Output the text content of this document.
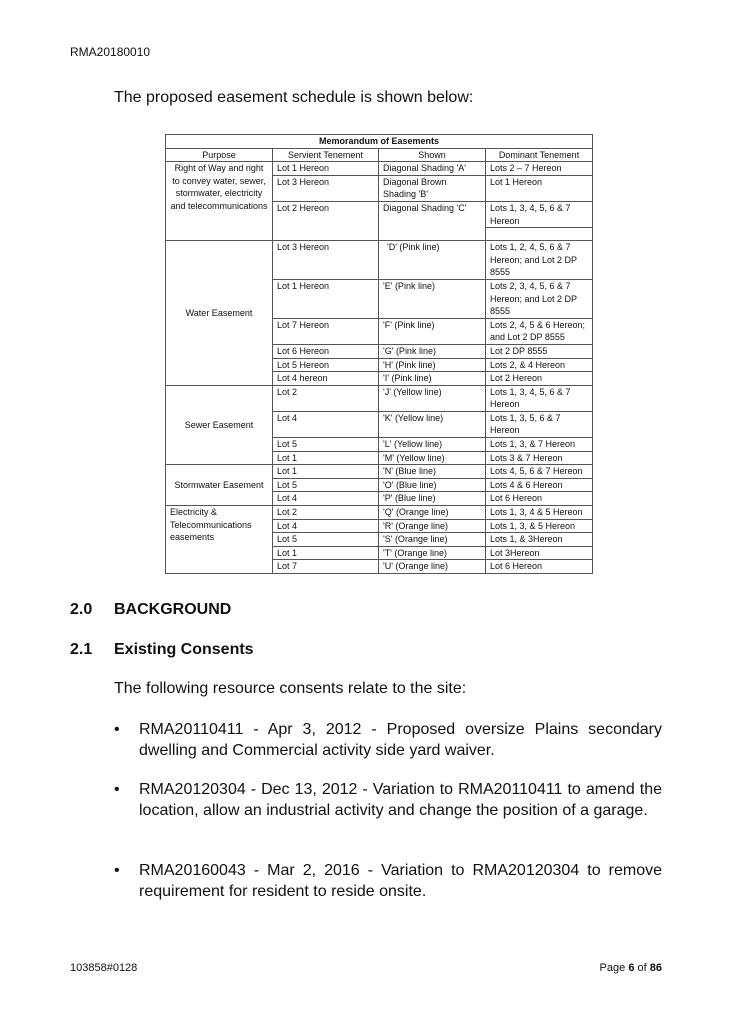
RMA20180010
The proposed easement schedule is shown below:
Memorandum of Easements			
Purpose	Servient Tenement	Shown	Dominant Tenement
Right of Way and right to convey water, sewer, stormwater, electricity and telecommunications	Lot 1 Hereon	Diagonal Shading 'A'	Lots 2 – 7 Hereon
	Lot 3 Hereon	Diagonal Brown Shading 'B'	Lot 1 Hereon
	Lot 2 Hereon	Diagonal Shading 'C'	Lots 1, 3, 4, 5, 6 & 7 Hereon

Water Easement	Lot 3 Hereon	'D' (Pink line)	Lots 1, 2, 4, 5, 6 & 7 Hereon; and Lot 2 DP 8555
	Lot 1 Hereon	'E' (Pink line)	Lots 2, 3, 4, 5, 6 & 7 Hereon; and Lot 2 DP 8555
	Lot 7 Hereon	'F' (Pink line)	Lots 2, 4, 5 & 6 Hereon; and Lot 2 DP 8555
	Lot 6 Hereon	'G' (Pink line)	Lot 2 DP 8555
	Lot 5 Hereon	'H' (Pink line)	Lots 2, & 4 Hereon
	Lot 4 hereon	'I' (Pink line)	Lot 2 Hereon
Sewer Easement	Lot 2	'J' (Yellow line)	Lots 1, 3, 4, 5, 6 & 7 Hereon
	Lot 4	'K' (Yellow line)	Lots 1, 3, 5, 6 & 7 Hereon
	Lot 5	'L' (Yellow line)	Lots 1, 3, & 7 Hereon
	Lot 1	'M' (Yellow line)	Lots 3 & 7 Hereon
Stormwater Easement	Lot 1	'N' (Blue line)	Lots 4, 5, 6 & 7 Hereon
	Lot 5	'O' (Blue line)	Lots 4 & 6 Hereon
	Lot 4	'P' (Blue line)	Lot 6 Hereon
Electricity & Telecommunications easements	Lot 2	'Q' (Orange line)	Lots 1, 3, 4 & 5 Hereon
	Lot 4	'R' (Orange line)	Lots 1, 3, & 5 Hereon
	Lot 5	'S' (Orange line)	Lots 1, & 3Hereon
	Lot 1	'T' (Orange line)	Lot 3Hereon
	Lot 7	'U' (Orange line)	Lot 6 Hereon
2.0 BACKGROUND
2.1 Existing Consents
The following resource consents relate to the site:
• RMA20110411 - Apr 3, 2012 - Proposed oversize Plains secondary dwelling and Commercial activity side yard waiver.
• RMA20120304 - Dec 13, 2012 - Variation to RMA20110411 to amend the location, allow an industrial activity and change the position of a garage.
• RMA20160043 - Mar 2, 2016 - Variation to RMA20120304 to remove requirement for resident to reside onsite.
103858#0128	Page 6 of 86
